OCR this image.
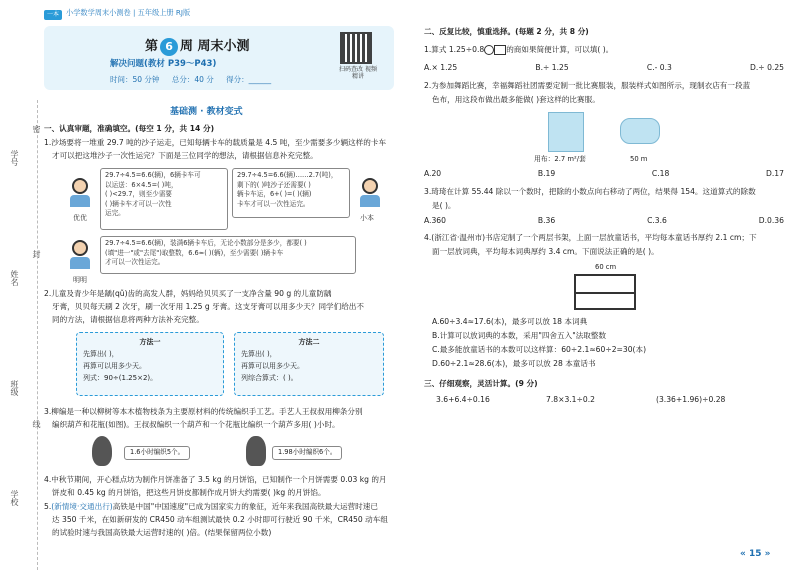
一本 小学数学周末小测卷 | 五年级上册 RJ版
学号
姓名
密
封
班级
线
学校
第 6 周 周末小测
解决问题(教材 P39～P43)
时间：50 分钟 总分：40 分 得分：______
扫码查改 视频精讲
基础测 · 教材变式
一、认真审题，准确填空。(每空 1 分，共 14 分)
1.沙场要将一堆重 29.7 吨的沙子运走，已知每辆卡车的载质量是 4.5 吨，至少需要多少辆这样的卡车
才可以把这堆沙子一次性运完？下面是三位同学的想法，请根据信息补充完整。
优优
29.7÷4.5=6.6(辆)，6辆卡车可
以运送：6×4.5=( )吨，
( )<29.7，则至少需要
( )辆卡车才可以一次性
运完。
29.7÷4.5=6.6(辆)……2.7(吨)，
剩下的( )吨沙子还需要( )
辆卡车运，6+( )=( )(辆)
卡车才可以一次性运完。
小本
明明
29.7÷4.5=6.6(辆)，装满6辆卡车后，无论小数部分是多少，都要( )
(填"进一"或"去尾")取整数，6.6≈( )(辆)，至少需要( )辆卡车
才可以一次性运完。
2.儿童及青少年是龋(qǔ)齿的高发人群，妈妈给贝贝买了一支净含量 90 g 的儿童防龋
牙膏，贝贝每天刷 2 次牙，刷一次牙用 1.25 g 牙膏。这支牙膏可以用多少天？同学们给出不
同的方法，请根据信息将两种方法补充完整。
方法一
先算出( )，
再算可以用多少天。
列式：90÷(1.25×2)。
方法二
先算出( )，
再算可以用多少天。
列综合算式：( )。
3.柳编是一种以柳树等本木植物枝条为主要原材料的传统编织手工艺。手艺人王叔叔用柳条分别
编织葫芦和花瓶(如图)。王叔叔编织一个葫芦和一个花瓶比编织一个葫芦多用( )小时。
1.6小时编织5个。	1.98小时编织6个。
4.中秋节期间，开心糕点坊为制作月饼准备了 3.5 kg 的月饼馅，已知制作一个月饼需要 0.03 kg 的月
饼皮和 0.45 kg 的月饼馅，把这些月饼皮都制作成月饼大约需要( )kg 的月饼馅。
5.(新情境·交通出行)高铁是中国"中国速度"已成为国家实力的象征，近年来我国高铁最大运营时速已
达 350 千米，在如新研发的 CR450 动车组测试最快 0.2 小时即可行驶近 90 千米，CR450 动车组
的试验时速与我国高铁最大运营时速的( )倍。(结果保留两位小数)
二、反复比较，慎重选择。(每题 2 分，共 8 分)
1.算式 1.25÷0.8	的商如果简便计算，可以填( )。
A.× 1.25	B.÷ 1.25	C.- 0.3	D.÷ 0.25
2.为参加舞蹈比赛，幸福舞蹈社团需要定制一批比赛服装，服装样式如图所示，现制衣店有一段蓝
色布，用这段布做出最多能做( )套这样的比赛服。
用布：2.7 m²/套	50 m
A.20	B.19	C.18	D.17
3.琦琦在计算 55.44 除以一个数时，把除的小数点向右移动了两位，结果得 154。这道算式的除数
是( )。
A.360	B.36	C.3.6	D.0.36
4.(浙江省·温州市)书店定制了一个两层书架，上面一层放童话书，平均每本童话书厚约 2.1 cm；下
面一层放词典，平均每本词典厚约 3.4 cm。下面说法正确的是( )。
60 cm
A.60÷3.4≈17.6(本)，最多可以放 18 本词典
B.计算可以放词典的本数，采用"四舍五入"法取整数
C.最多能放童话书的本数可以这样算：60÷2.1≈60÷2=30(本)
D.60÷2.1≈28.6(本)，最多可以放 28 本童话书
三、仔细观察，灵活计算。(9 分)
3.6+6.4÷0.16	7.8×3.1÷0.2	(3.36+1.96)÷0.28
« 15 »
